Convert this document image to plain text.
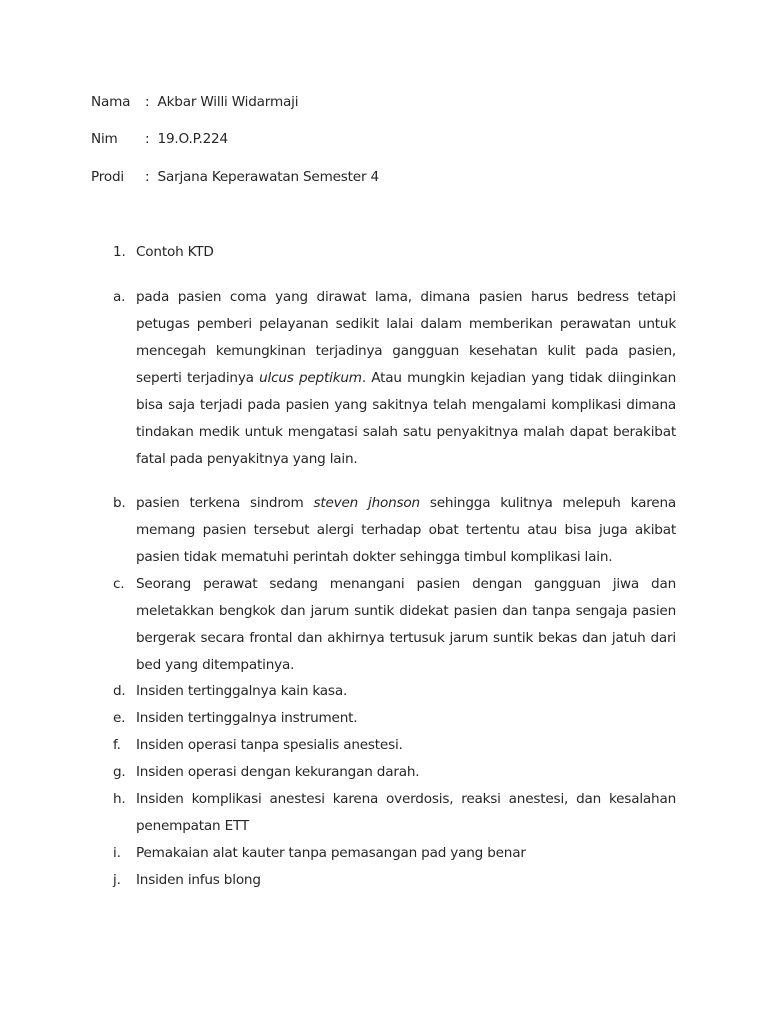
Nama : Akbar Willi Widarmaji
Nim : 19.O.P.224
Prodi : Sarjana Keperawatan Semester 4
1. Contoh KTD
a. pada pasien coma yang dirawat lama, dimana pasien harus bedress tetapi petugas pemberi pelayanan sedikit lalai dalam memberikan perawatan untuk mencegah kemungkinan terjadinya gangguan kesehatan kulit pada pasien, seperti terjadinya ulcus peptikum. Atau mungkin kejadian yang tidak diinginkan bisa saja terjadi pada pasien yang sakitnya telah mengalami komplikasi dimana tindakan medik untuk mengatasi salah satu penyakitnya malah dapat berakibat fatal pada penyakitnya yang lain.
b. pasien terkena sindrom steven jhonson sehingga kulitnya melepuh karena memang pasien tersebut alergi terhadap obat tertentu atau bisa juga akibat pasien tidak mematuhi perintah dokter sehingga timbul komplikasi lain.
c. Seorang perawat sedang menangani pasien dengan gangguan jiwa dan meletakkan bengkok dan jarum suntik didekat pasien dan tanpa sengaja pasien bergerak secara frontal dan akhirnya tertusuk jarum suntik bekas dan jatuh dari bed yang ditempatinya.
d. Insiden tertinggalnya kain kasa.
e. Insiden tertinggalnya instrument.
f.	Insiden operasi tanpa spesialis anestesi.
g. Insiden operasi dengan kekurangan darah.
h. Insiden komplikasi anestesi karena overdosis, reaksi anestesi, dan kesalahan penempatan ETT
i.	Pemakaian alat kauter tanpa pemasangan pad yang benar
j.	Insiden infus blong
